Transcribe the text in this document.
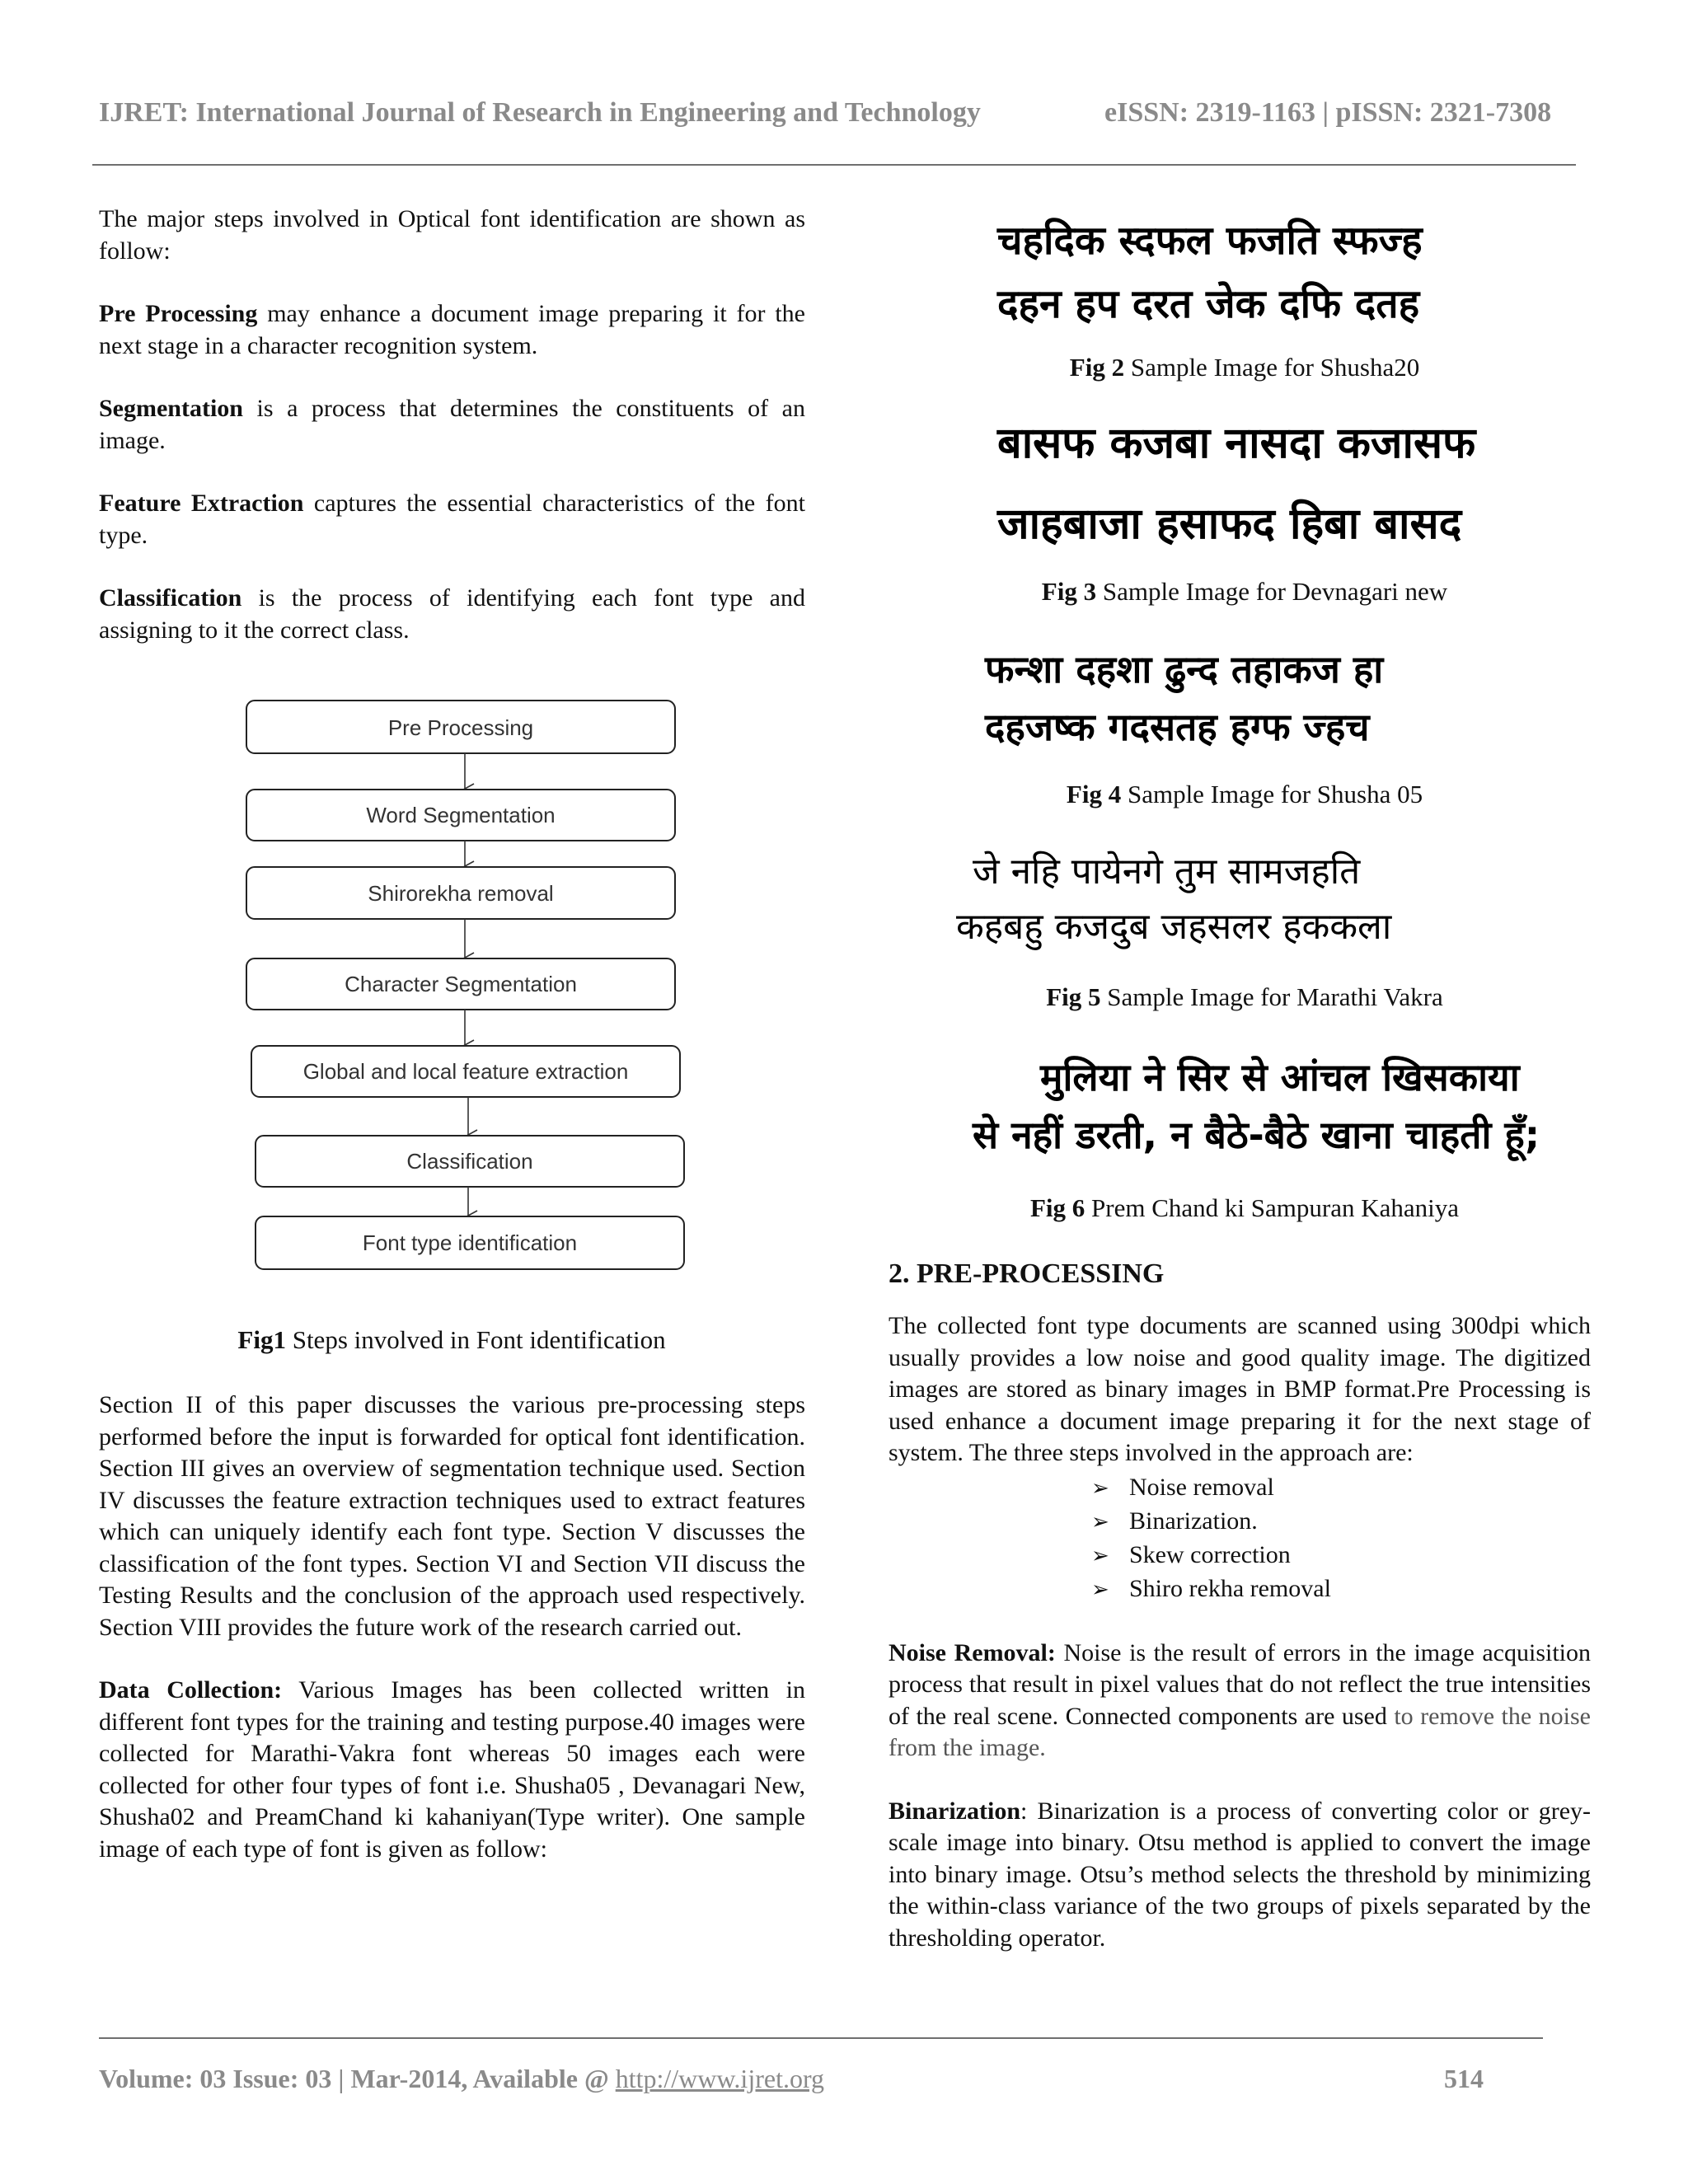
IJRET: International Journal of Research in Engineering and Technology	eISSN: 2319-1163 | pISSN: 2321-7308

The major steps involved in Optical font identification are shown as follow:

Pre Processing may enhance a document image preparing it for the next stage in a character recognition system.

Segmentation is a process that determines the constituents of an image.

Feature Extraction captures the essential characteristics of the font type.

Classification is the process of identifying each font type and assigning to it the correct class.

Pre Processing
Word Segmentation
Shirorekha removal
Character Segmentation
Global and local feature extraction
Classification
Font type identification
Fig1 Steps involved in Font identification

Section II of this paper discusses the various pre-processing steps performed before the input is forwarded for optical font identification. Section III gives an overview of segmentation technique used. Section IV discusses the feature extraction techniques used to extract features which can uniquely identify each font type. Section V discusses the classification of the font types. Section VI and Section VII discuss the Testing Results and the conclusion of the approach used respectively. Section VIII provides the future work of the research carried out.

Data Collection: Various Images has been collected written in different font types for the training and testing purpose.40 images were collected for Marathi-Vakra font whereas 50 images each were collected for other four types of font i.e. Shusha05 , Devanagari New, Shusha02 and PreamChand ki kahaniyan(Type writer). One sample image of each type of font is given as follow:

चहदिक स्दफल फजति स्फज्ह
दहन हप दरत जेक दफि दतह
Fig 2 Sample Image for Shusha20
बासफ कजबा नासदा कजासफ
जाहबाजा हसाफद हिबा बासद
Fig 3 Sample Image for Devnagari new
फन्शा दहशा ढुन्द तहाकज हा
दहजष्क गदसतह हग्फ ज्हच
Fig 4 Sample Image for Shusha 05
जे नहि पायेनगे तुम सामजहति
कहबहु कजदुब जहसलर हककला
Fig 5 Sample Image for Marathi Vakra
मुलिया ने सिर से आंचल खिसकाया
से नहीं डरती, न बैठे-बैठे खाना चाहती हूँ;
Fig 6 Prem Chand ki Sampuran Kahaniya
2. PRE-PROCESSING

The collected font type documents are scanned using 300dpi which usually provides a low noise and good quality image. The digitized images are stored as binary images in BMP format.Pre Processing is used enhance a document image preparing it for the next stage of system. The three steps involved in the approach are:

➢ Noise removal
➢ Binarization.
➢ Skew correction
➢ Shiro rekha removal

Noise Removal: Noise is the result of errors in the image acquisition process that result in pixel values that do not reflect the true intensities of the real scene. Connected components are used to remove the noise from the image.

Binarization: Binarization is a process of converting color or grey-scale image into binary. Otsu method is applied to convert the image into binary image. Otsu’s method selects the threshold by minimizing the within-class variance of the two groups of pixels separated by the thresholding operator.

Volume: 03 Issue: 03 | Mar-2014, Available @ http://www.ijret.org	514
